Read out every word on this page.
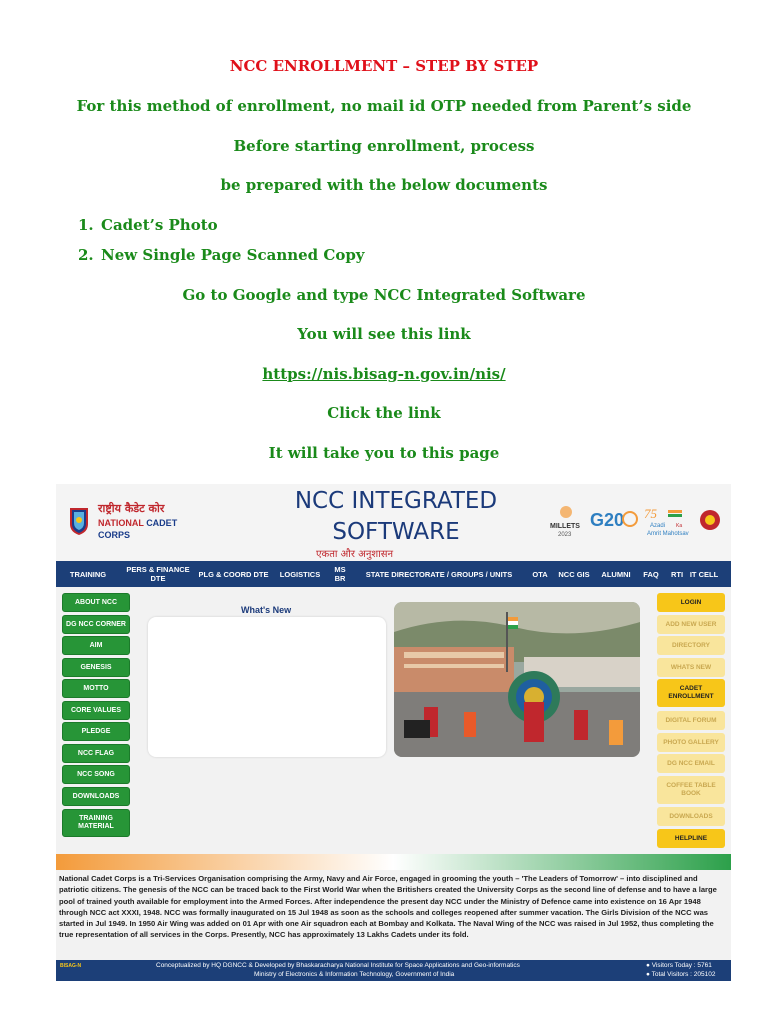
NCC ENROLLMENT – STEP BY STEP
For this method of enrollment, no mail id OTP needed from Parent’s side
Before starting enrollment, process
be prepared with the below documents
1. Cadet’s Photo
2. New Single Page Scanned Copy
Go to Google and type NCC Integrated Software
You will see this link
https://nis.bisag-n.gov.in/nis/
Click the link
It will take you to this page
राष्ट्रीय कैडेट कोर
NATIONAL CADET
CORPS
NCC INTEGRATED
SOFTWARE
एकता और अनुशासन
MILLETS
2023
G20 75
Azadi Ka
Amrit Mahotsav
TRAINING	PERS & FINANCE DTE	PLG & COORD DTE	LOGISTICS	MS BR	STATE DIRECTORATE / GROUPS / UNITS	OTA	NCC GIS	ALUMNI	FAQ	RTI IT CELL
ABOUT NCC
DG NCC CORNER
AIM
GENESIS
MOTTO
CORE VALUES
PLEDGE
NCC FLAG
NCC SONG
DOWNLOADS
TRAINING MATERIAL
What's New
LOGIN
ADD NEW USER
DIRECTORY
WHATS NEW
CADET ENROLLMENT
DIGITAL FORUM
PHOTO GALLERY
DG NCC EMAIL
COFFEE TABLE BOOK
DOWNLOADS
HELPLINE
National Cadet Corps is a Tri-Services Organisation comprising the Army, Navy and Air Force, engaged in grooming the youth – 'The Leaders of Tomorrow' – into disciplined and patriotic citizens. The genesis of the NCC can be traced back to the First World War when the Britishers created the University Corps as the second line of defense and to have a large pool of trained youth available for employment into the Armed Forces. After independence the present day NCC under the Ministry of Defence came into existence on 16 Apr 1948 through NCC act XXXI, 1948. NCC was formally inaugurated on 15 Jul 1948 as soon as the schools and colleges reopened after summer vacation. The Girls Division of the NCC was started in Jul 1949. In 1950 Air Wing was added on 01 Apr with one Air squadron each at Bombay and Kolkata. The Naval Wing of the NCC was raised in Jul 1952, thus completing the true representation of all services in the Corps. Presently, NCC has approximately 13 Lakhs Cadets under its fold.
BISAG-N	Conceptualized by HQ DGNCC & Developed by Bhaskaracharya National Institute for Space Applications and Geo-informatics
Ministry of Electronics & Information Technology, Government of India
● Visitors Today : 5761
● Total Visitors : 205102
